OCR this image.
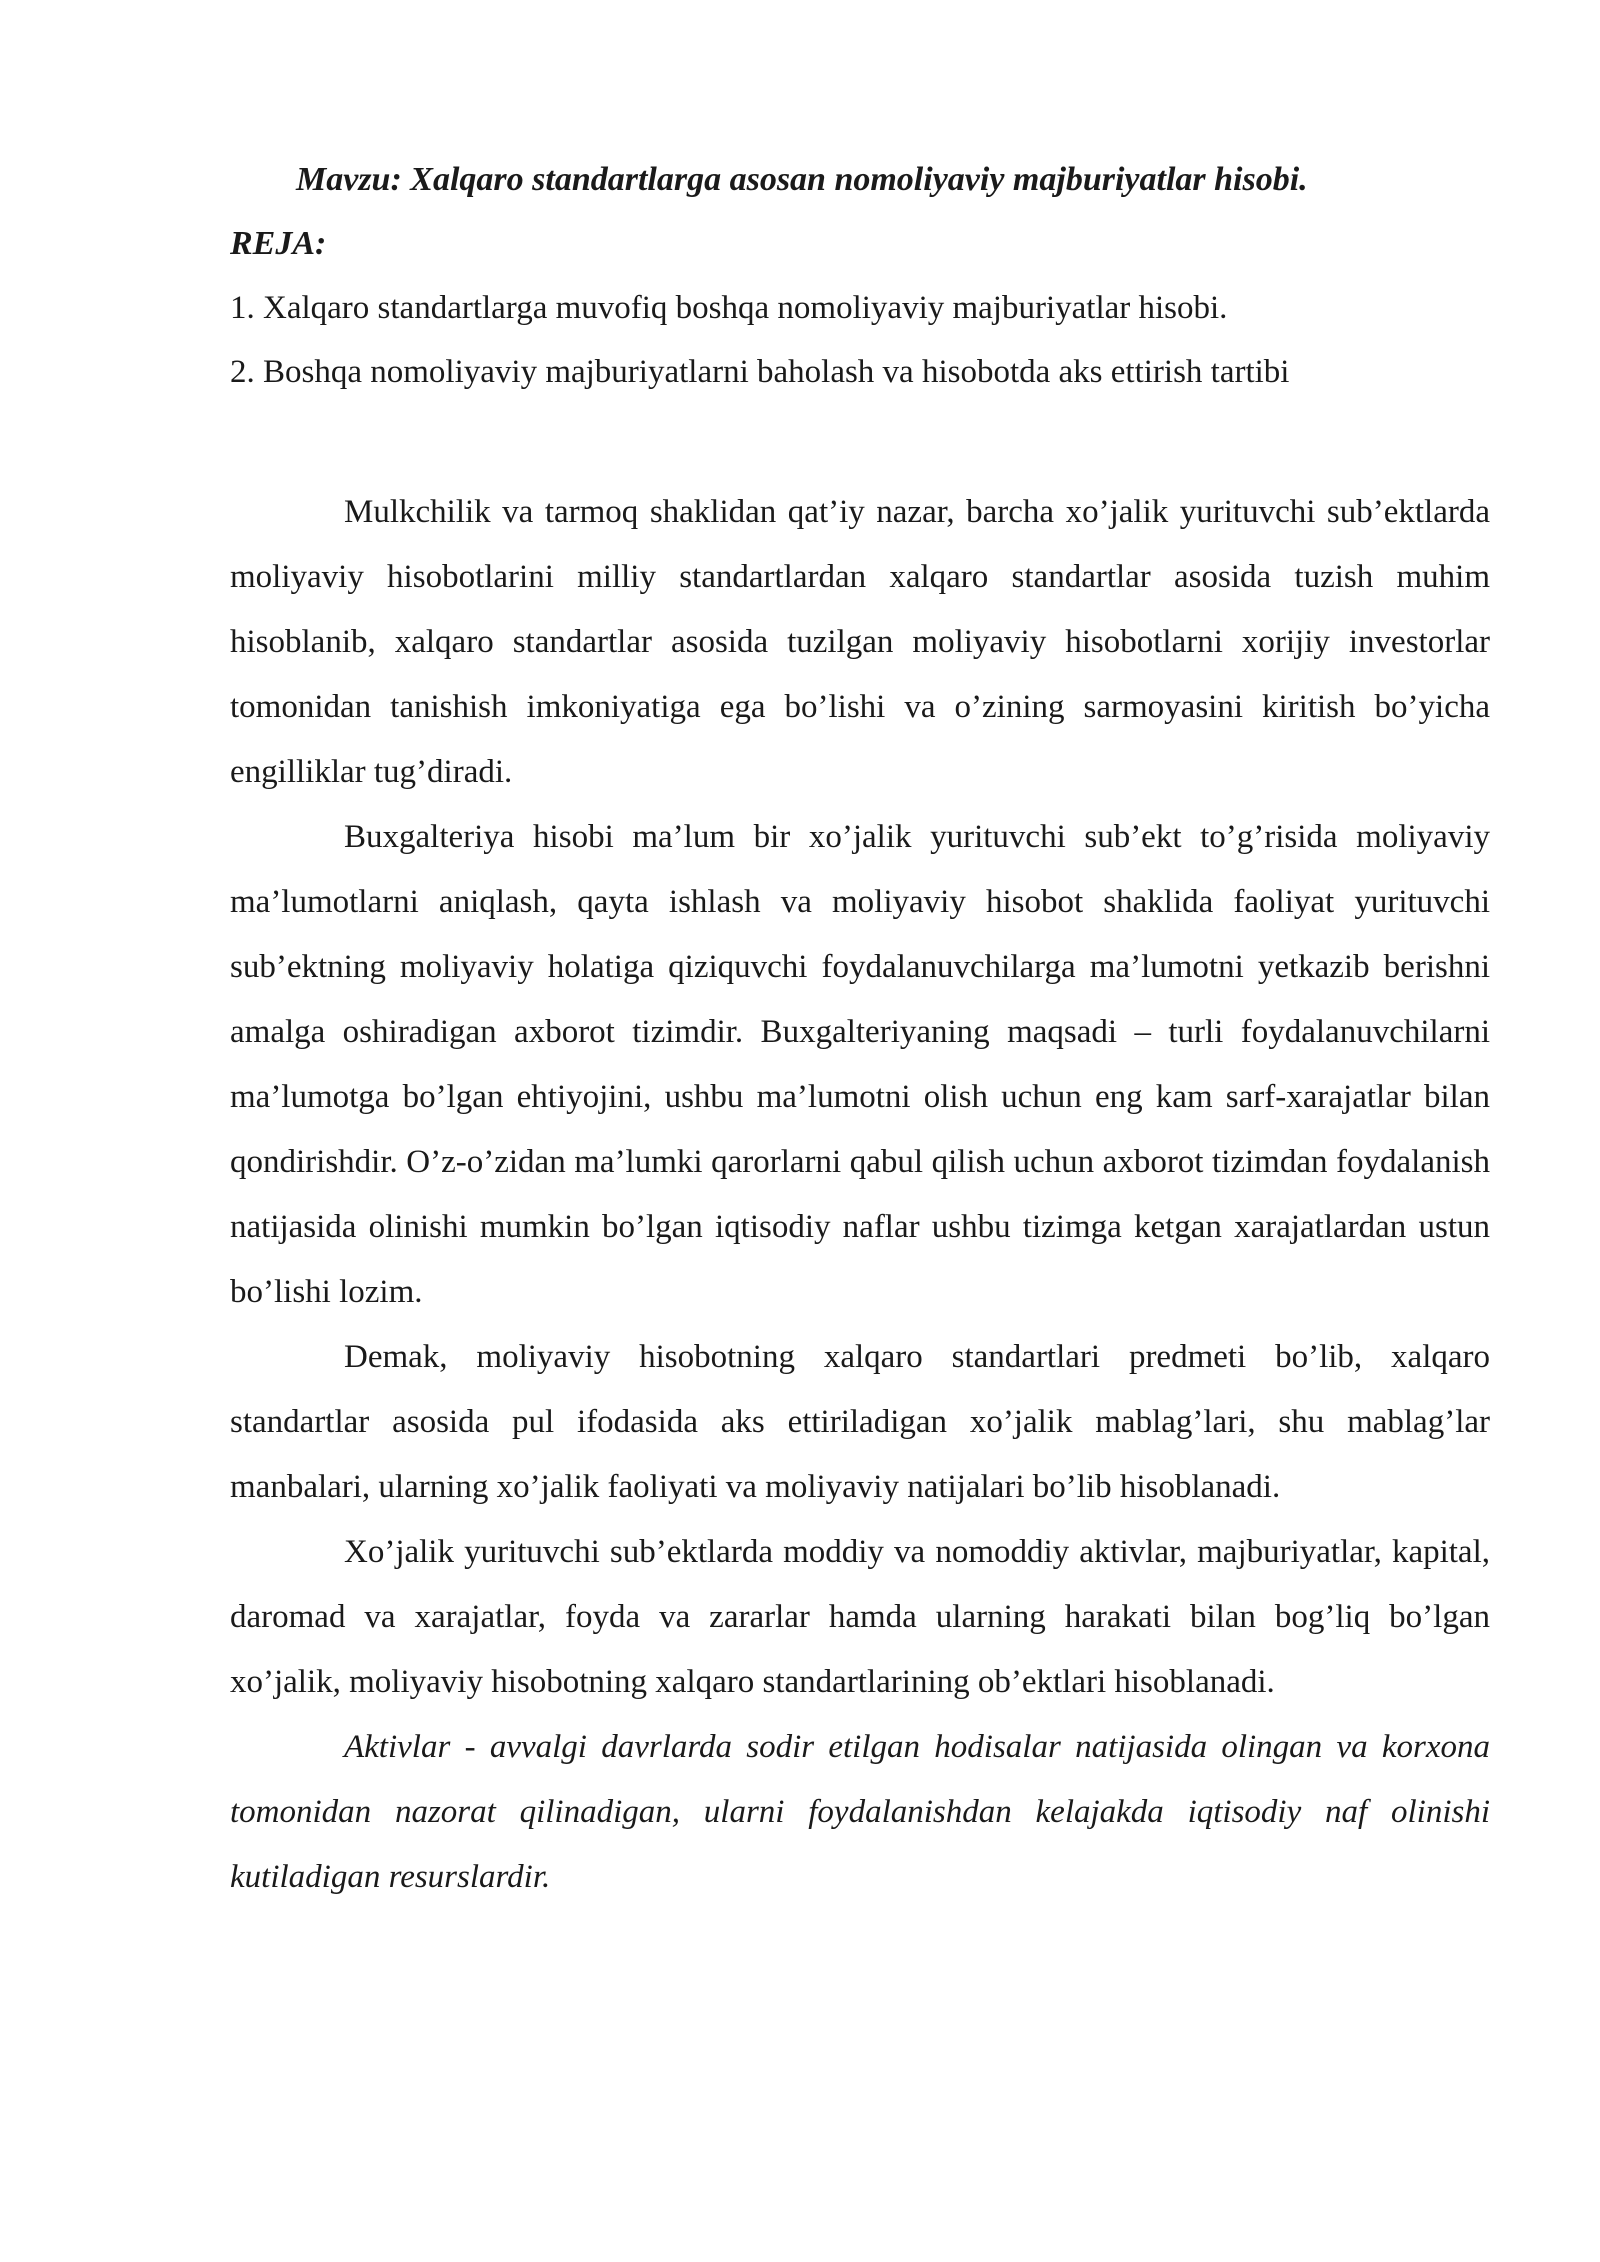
Mavzu: Xalqaro standartlarga asosan nomoliyaviy majburiyatlar hisobi.

REJA:

1. Xalqaro standartlarga muvofiq boshqa nomoliyaviy majburiyatlar hisobi.
2. Boshqa nomoliyaviy majburiyatlarni baholash va hisobotda aks ettirish tartibi

Mulkchilik va tarmoq shaklidan qat’iy nazar, barcha xo’jalik yurituvchi sub’ektlarda moliyaviy hisobotlarini milliy standartlardan xalqaro standartlar asosida tuzish muhim hisoblanib, xalqaro standartlar asosida tuzilgan moliyaviy hisobotlarni xorijiy investorlar tomonidan tanishish imkoniyatiga ega bo’lishi va o’zining sarmoyasini kiritish bo’yicha engilliklar tug’diradi.

Buxgalteriya hisobi ma’lum bir xo’jalik yurituvchi sub’ekt to’g’risida moliyaviy ma’lumotlarni aniqlash, qayta ishlash va moliyaviy hisobot shaklida faoliyat yurituvchi sub’ektning moliyaviy holatiga qiziquvchi foydalanuvchilarga ma’lumotni yetkazib berishni amalga oshiradigan axborot tizimdir. Buxgalteriyaning maqsadi – turli foydalanuvchilarni ma’lumotga bo’lgan ehtiyojini, ushbu ma’lumotni olish uchun eng kam sarf-xarajatlar bilan qondirishdir. O’z-o’zidan ma’lumki qarorlarni qabul qilish uchun axborot tizimdan foydalanish natijasida olinishi mumkin bo’lgan iqtisodiy naflar ushbu tizimga ketgan xarajatlardan ustun bo’lishi lozim.

Demak, moliyaviy hisobotning xalqaro standartlari predmeti bo’lib, xalqaro standartlar asosida pul ifodasida aks ettiriladigan xo’jalik mablag’lari, shu mablag’lar manbalari, ularning xo’jalik faoliyati va moliyaviy natijalari bo’lib hisoblanadi.

Xo’jalik yurituvchi sub’ektlarda moddiy va nomoddiy aktivlar, majburiyatlar, kapital, daromad va xarajatlar, foyda va zararlar hamda ularning harakati bilan bog’liq bo’lgan xo’jalik, moliyaviy hisobotning xalqaro standartlarining ob’ektlari hisoblanadi.

Aktivlar - avvalgi davrlarda sodir etilgan hodisalar natijasida olingan va korxona tomonidan nazorat qilinadigan, ularni foydalanishdan kelajakda iqtisodiy naf olinishi kutiladigan resurslardir.
